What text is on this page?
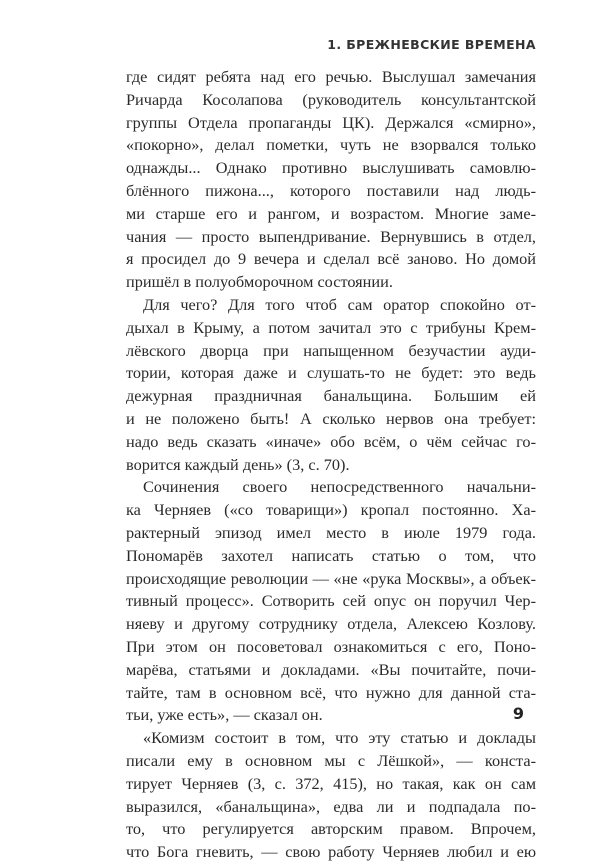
1. БРЕЖНЕВСКИЕ ВРЕМЕНА
где сидят ребята над его речью. Выслушал замечания
Ричарда Косолапова (руководитель консультантской
группы Отдела пропаганды ЦК). Держался «смирно»,
«покорно», делал пометки, чуть не взорвался только
однажды... Однако противно выслушивать самовлю-
блённого пижона..., которого поставили над людь-
ми старше его и рангом, и возрастом. Многие заме-
чания — просто выпендривание. Вернувшись в отдел,
я просидел до 9 вечера и сделал всё заново. Но домой
пришёл в полуобморочном состоянии.
Для чего? Для того чтоб сам оратор спокойно от-
дыхал в Крыму, а потом зачитал это с трибуны Крем-
лёвского дворца при напыщенном безучастии ауди-
тории, которая даже и слушать-то не будет: это ведь
дежурная праздничная банальщина. Большим ей
и не положено быть! А сколько нервов она требует:
надо ведь сказать «иначе» обо всём, о чём сейчас го-
ворится каждый день» (3, с. 70).
Сочинения своего непосредственного начальни-
ка Черняев («со товарищи») кропал постоянно. Ха-
рактерный эпизод имел место в июле 1979 года.
Пономарёв захотел написать статью о том, что
происходящие революции — «не «рука Москвы», а объек-
тивный процесс». Сотворить сей опус он поручил Чер-
няеву и другому сотруднику отдела, Алексею Козлову.
При этом он посоветовал ознакомиться с его, Поно-
марёва, статьями и докладами. «Вы почитайте, почи-
тайте, там в основном всё, что нужно для данной ста-
тьи, уже есть», — сказал он.
«Комизм состоит в том, что эту статью и доклады
писали ему в основном мы с Лёшкой», — конста-
тирует Черняев (3, с. 372, 415), но такая, как он сам
выразился, «банальщина», едва ли и подпадала по-
то, что регулируется авторским правом. Впрочем,
что Бога гневить, — свою работу Черняев любил и ею
9
